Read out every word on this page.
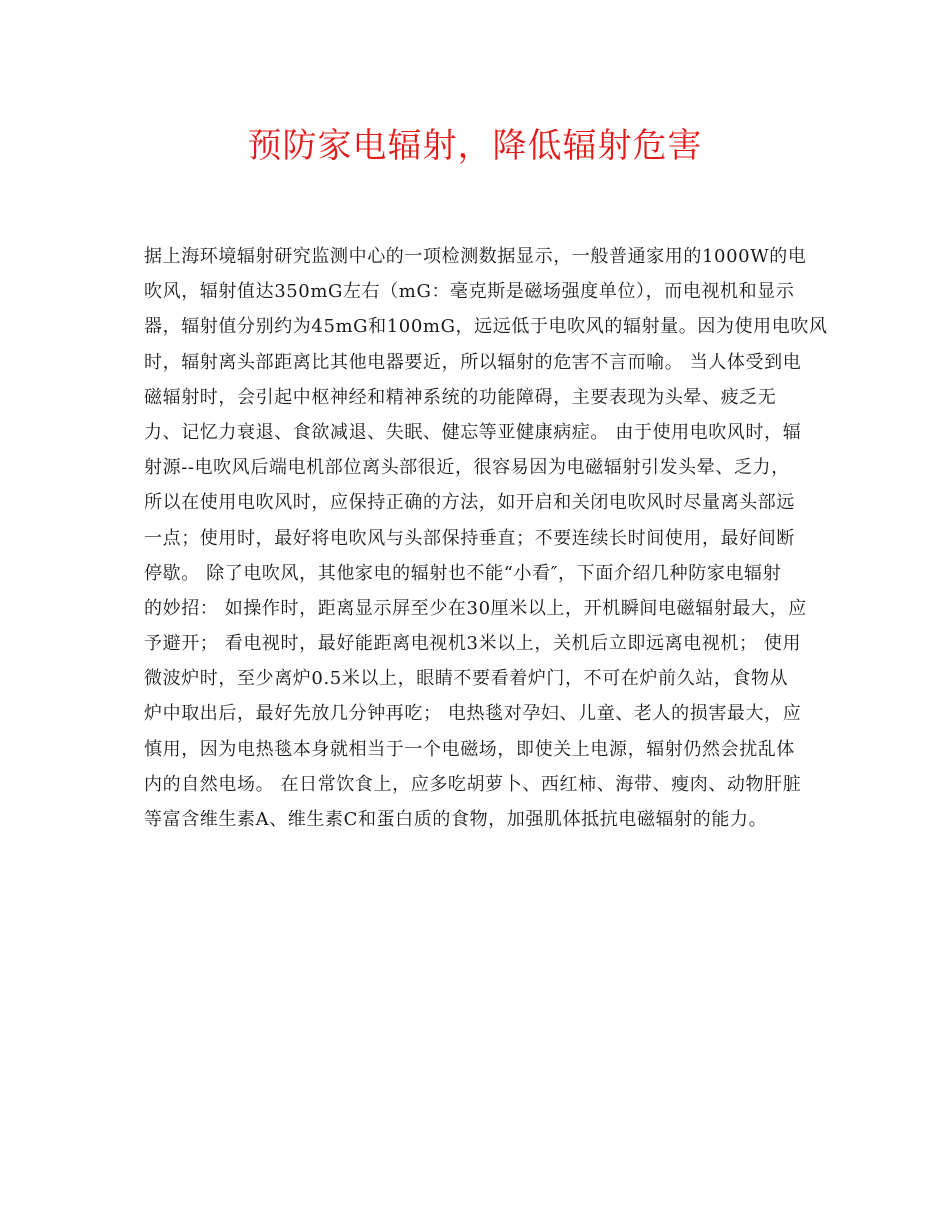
预防家电辐射，降低辐射危害
据上海环境辐射研究监测中心的一项检测数据显示，一般普通家用的1000W的电
吹风，辐射值达350mG左右（mG：毫克斯是磁场强度单位），而电视机和显示
器，辐射值分别约为45mG和100mG，远远低于电吹风的辐射量。因为使用电吹风
时，辐射离头部距离比其他电器要近，所以辐射的危害不言而喻。 当人体受到电
磁辐射时，会引起中枢神经和精神系统的功能障碍，主要表现为头晕、疲乏无
力、记忆力衰退、食欲减退、失眠、健忘等亚健康病症。 由于使用电吹风时，辐
射源--电吹风后端电机部位离头部很近，很容易因为电磁辐射引发头晕、乏力，
所以在使用电吹风时，应保持正确的方法，如开启和关闭电吹风时尽量离头部远
一点；使用时，最好将电吹风与头部保持垂直；不要连续长时间使用，最好间断
停歇。 除了电吹风，其他家电的辐射也不能“小看″，下面介绍几种防家电辐射
的妙招： 如操作时，距离显示屏至少在30厘米以上，开机瞬间电磁辐射最大，应
予避开； 看电视时，最好能距离电视机3米以上，关机后立即远离电视机； 使用
微波炉时，至少离炉0.5米以上，眼睛不要看着炉门，不可在炉前久站，食物从
炉中取出后，最好先放几分钟再吃； 电热毯对孕妇、儿童、老人的损害最大，应
慎用，因为电热毯本身就相当于一个电磁场，即使关上电源，辐射仍然会扰乱体
内的自然电场。 在日常饮食上，应多吃胡萝卜、西红柿、海带、瘦肉、动物肝脏
等富含维生素A、维生素C和蛋白质的食物，加强肌体抵抗电磁辐射的能力。
